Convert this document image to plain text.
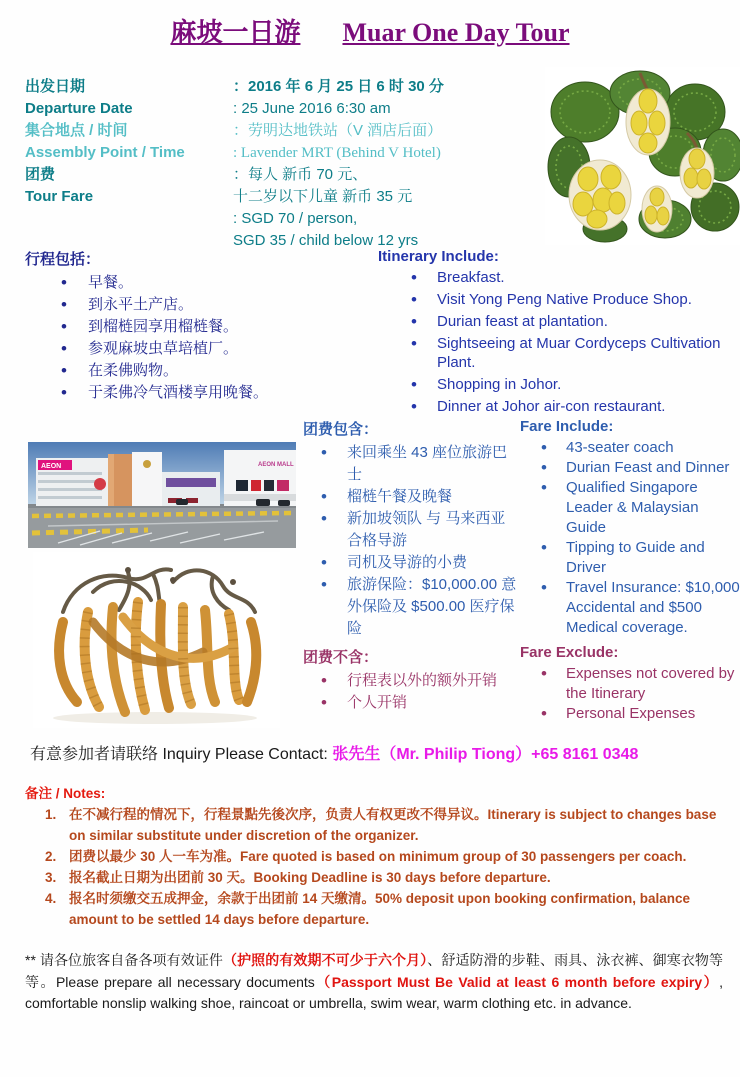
麻坡一日游 Muar One Day Tour
出发日期	：2016 年 6 月 25 日 6 时 30 分
Departure Date	: 25 June 2016 6:30 am
集合地点 / 时间	：劳明达地铁站（V 酒店后面）
Assembly Point / Time	: Lavender MRT (Behind V Hotel)
团费	：每人 新币 70 元、
Tour Fare	十二岁以下儿童 新币 35 元
: SGD 70 / person,
SGD 35 / child below 12 yrs

行程包括：

• 早餐。
• 到永平土产店。
• 到榴梿园享用榴梿餐。
• 参观麻坡虫草培植厂。
• 在柔佛购物。
• 于柔佛冷气酒楼享用晚餐。

Itinerary Include:

• Breakfast.
• Visit Yong Peng Native Produce Shop.
• Durian feast at plantation.
• Sightseeing at Muar Cordyceps Cultivation Plant.
• Shopping in Johor.
• Dinner at Johor air-con restaurant.
AEON	AEON MALL

团费包含：

• 来回乘坐 43 座位旅游巴士
• 榴梿午餐及晚餐
• 新加坡领队 与 马来西亚合格导游
• 司机及导游的小费
• 旅游保险：$10,000.00 意外保险及 $500.00 医疗保险

团费不含：

• 行程表以外的额外开销
• 个人开销

Fare Include:

• 43-seater coach
• Durian Feast and Dinner
• Qualified Singapore Leader & Malaysian Guide
• Tipping to Guide and Driver
• Travel Insurance: $10,000 Accidental and $500 Medical coverage.

Fare Exclude:

• Expenses not covered by the Itinerary
• Personal Expenses
有意参加者请联络 Inquiry Please Contact: 张先生（Mr. Philip Tiong）+65 8161 0348

备注 / Notes:

1. 在不减行程的情况下，行程景點先後次序，负责人有权更改不得异议。Itinerary is subject to changes base on similar substitute under discretion of the organizer.
2. 团费以最少 30 人一车为准。Fare quoted is based on minimum group of 30 passengers per coach.
3. 报名截止日期为出团前 30 天。Booking Deadline is 30 days before departure.
4. 报名时须缴交五成押金，余款于出团前 14 天缴清。50% deposit upon booking confirmation, balance amount to be settled 14 days before departure.
** 请各位旅客自备各项有效证件（护照的有效期不可少于六个月）、舒适防滑的步鞋、雨具、泳衣裤、御寒衣物等等。Please prepare all necessary documents（Passport Must Be Valid at least 6 month before expiry）, comfortable nonslip walking shoe, raincoat or umbrella, swim wear, warm clothing etc. in advance.
